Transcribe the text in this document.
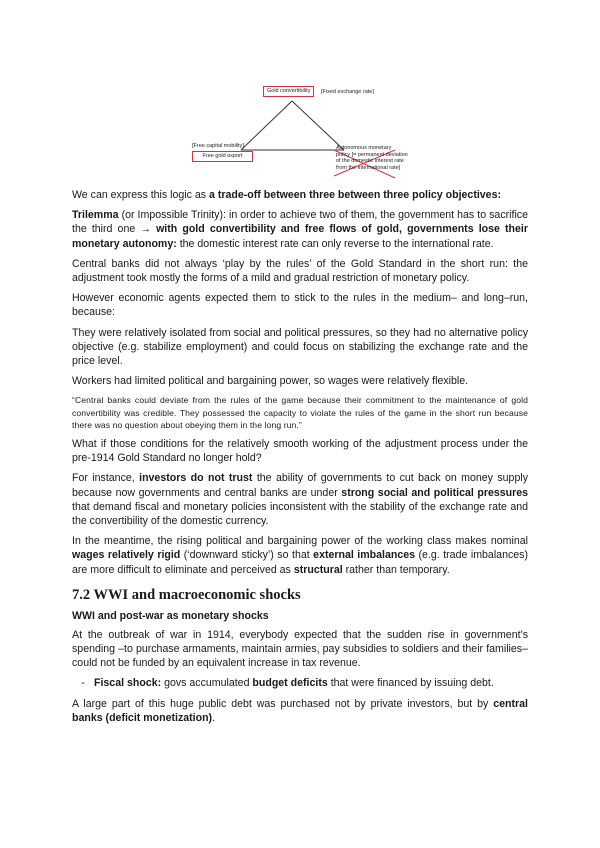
Gold convertibility	[Fixed exchange rate]
[Free capital mobility]
Free gold export
Autonomous monetary
policy [= permanent deviation
of the domestic interest rate
from the international rate]

We can express this logic as a trade-off between three between three policy objectives:

Trilemma (or Impossible Trinity): in order to achieve two of them, the government has to sacrifice the third one → with gold convertibility and free flows of gold, governments lose their monetary autonomy: the domestic interest rate can only reverse to the international rate.

Central banks did not always ‘play by the rules’ of the Gold Standard in the short run: the adjustment took mostly the forms of a mild and gradual restriction of monetary policy.

However economic agents expected them to stick to the rules in the medium– and long–run, because:

They were relatively isolated from social and political pressures, so they had no alternative policy objective (e.g. stabilize employment) and could focus on stabilizing the exchange rate and the price level.

Workers had limited political and bargaining power, so wages were relatively flexible.

“Central banks could deviate from the rules of the game because their commitment to the maintenance of gold convertibility was credible. They possessed the capacity to violate the rules of the game in the short run because there was no question about obeying them in the long run.”

What if those conditions for the relatively smooth working of the adjustment process under the pre-1914 Gold Standard no longer hold?

For instance, investors do not trust the ability of governments to cut back on money supply because now governments and central banks are under strong social and political pressures that demand fiscal and monetary policies inconsistent with the stability of the exchange rate and the convertibility of the domestic currency.

In the meantime, the rising political and bargaining power of the working class makes nominal wages relatively rigid (‘downward sticky’) so that external imbalances (e.g. trade imbalances) are more difficult to eliminate and perceived as structural rather than temporary.

7.2 WWI and macroeconomic shocks
WWI and post-war as monetary shocks

At the outbreak of war in 1914, everybody expected that the sudden rise in government’s spending –to purchase armaments, maintain armies, pay subsidies to soldiers and their families– could not be funded by an equivalent increase in tax revenue.

- Fiscal shock: govs accumulated budget deficits that were financed by issuing debt.

A large part of this huge public debt was purchased not by private investors, but by central banks (deficit monetization).
